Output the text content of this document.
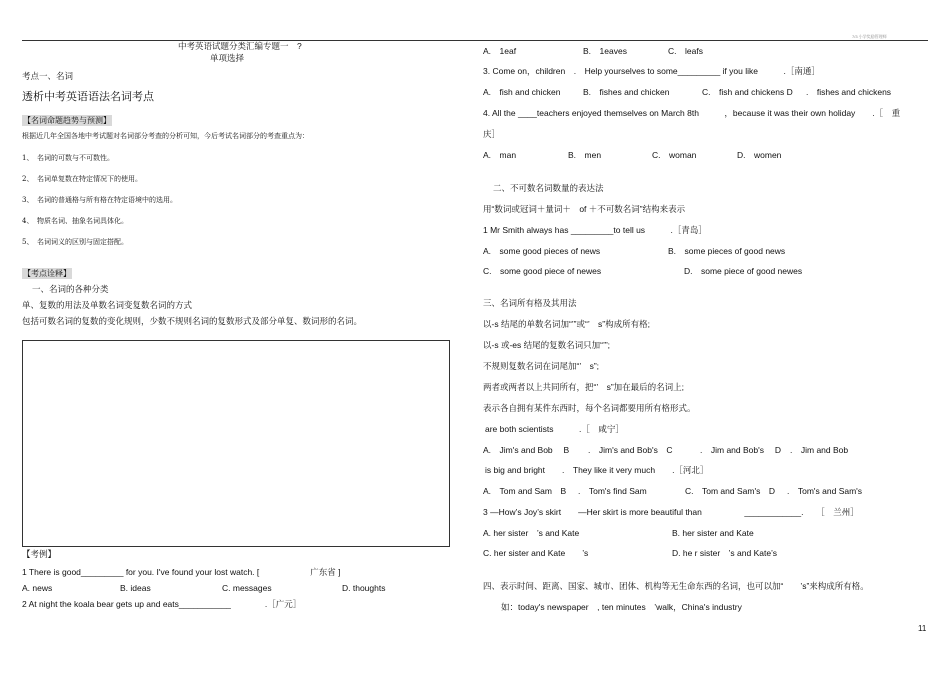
7/3 小学奖励管理师
中考英语试题分类汇编专题一　?
单项选择
考点一、名词
透析中考英语语法名词考点
【名词命题趋势与预测】
根据近几年全国各地中考试题对名词部分考查的分析可知，今后考试名词部分的考查重点为：
1、　名词的可数与不可数性。
2、　名词单复数在特定情况下的使用。
3、　名词的普通格与所有格在特定语境中的选用。
4、　物质名词、抽象名词具体化。
5、　名词词义的区别与固定搭配。
【考点诠释】
一、名词的各种分类
单、复数的用法及单数名词变复数名词的方式
包括可数名词的复数的变化规则，少数不规则名词的复数形式及部分单复、数词形的名词。
【考例】
1 There is good_________ for you. I've found your lost watch. [　　　　　　广东省 ]
A. news	B. ideas	C. messages	D. thoughts
2 At night the koala bear gets up and eats___________　　　　.［广元］
A.　1eaf	B.　1eaves	C.　leafs
3. Come on，children　.　Help yourselves to some_________ if you like　　　.［南通］
A.　fish and chicken	B.　fishes and chicken	C.　fish and chickens D .　fishes and chickens
4. All the ____teachers enjoyed themselves on March 8th　　　，because it was their own holiday　　.［　重
庆］
A.　man	B.　men	C.　woman	D.　women
二、不可数名词数量的表达法
用“数词或冠词＋量词＋　of ＋不可数名词”结构来表示
1 Mr Smith always has _________to tell us　　　.［青岛］
A.　some good pieces of news	B.　some pieces of good news
C.　some good piece of newes	D.　some piece of good newes
三、名词所有格及其用法
以-s 结尾的单数名词加“’”或“’　s”构成所有格;
以-s 或-es 结尾的复数名词只加“’”;
不规则复数名词在词尾加“’　s”;
两者或两者以上共同所有，把“’　s”加在最后的名词上;
表示各自拥有某件东西时，每个名词都要用所有格形式。
are both scientists　　　.［　咸宁］
A.　Jim's and Bob　 B .　Jim's and Bob's　C	.　Jim and Bob's　 D .　Jim and Bob
is big and bright　　.　They like it very much　　.［河北］
A.　Tom and Sam　B .　Tom's find Sam	C.　Tom and Sam's　D .　Tom's and Sam's
3 —How’s Joy’s skirt　　—Her skirt is more beautiful than　　　　　____________.　　［　兰州］
A. her sister　’s and Kate	B. her sister and Kate
C. her sister and Kate　　’s	D. he r sister　’s and Kate’s
四、表示时间、距离、国家、城市、团体、机构等无生命东西的名词，也可以加“　　’s”来构成所有格。
如：today's newspaper　, ten minutes　’walk，China's industry
11
